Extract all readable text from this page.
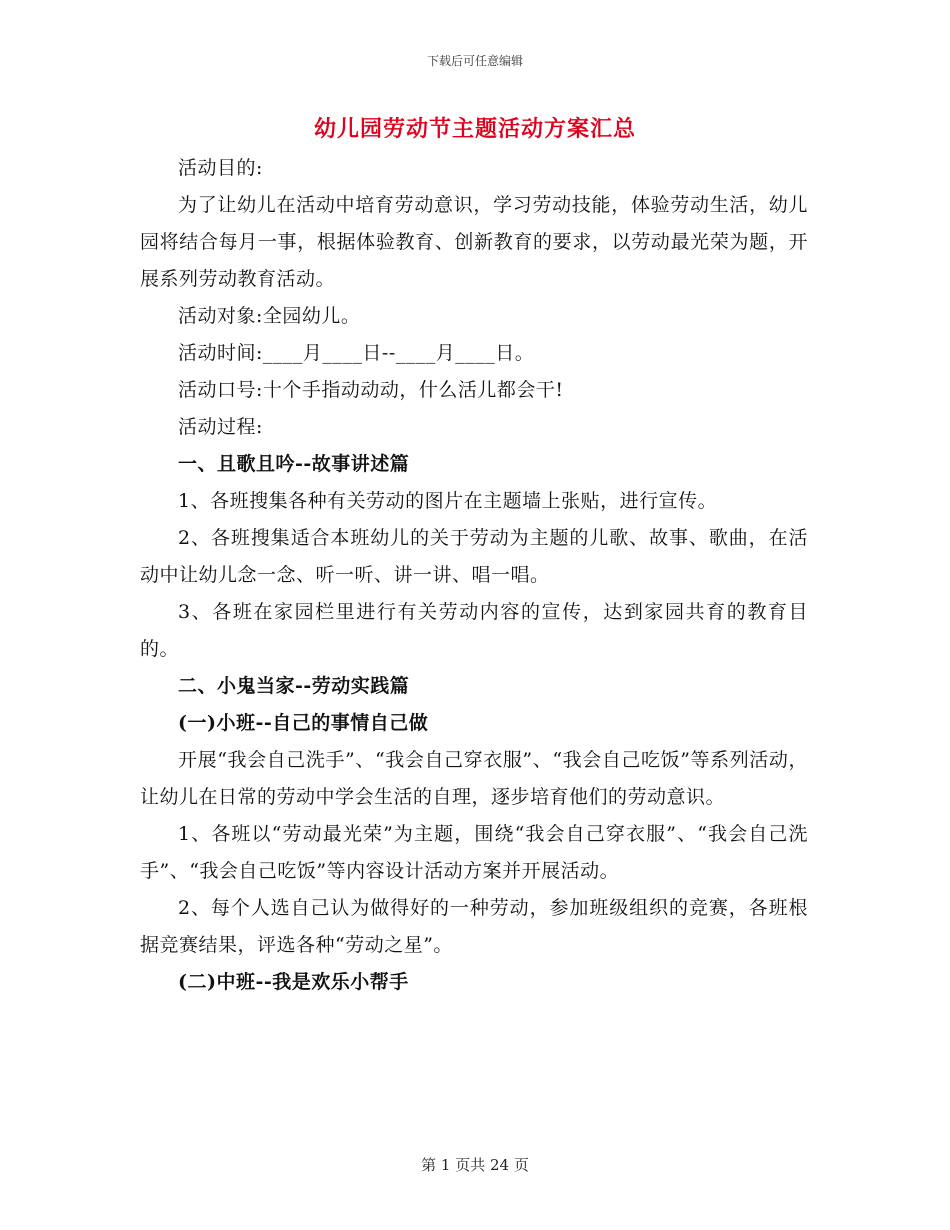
下载后可任意编辑
幼儿园劳动节主题活动方案汇总

活动目的:

为了让幼儿在活动中培育劳动意识，学习劳动技能，体验劳动生活，幼儿园将结合每月一事，根据体验教育、创新教育的要求，以劳动最光荣为题，开展系列劳动教育活动。

活动对象:全园幼儿。

活动时间:____月____日--____月____日。

活动口号:十个手指动动动，什么活儿都会干!

活动过程:

一、且歌且吟--故事讲述篇

1、各班搜集各种有关劳动的图片在主题墙上张贴，进行宣传。

2、各班搜集适合本班幼儿的关于劳动为主题的儿歌、故事、歌曲，在活动中让幼儿念一念、听一听、讲一讲、唱一唱。

3、各班在家园栏里进行有关劳动内容的宣传，达到家园共育的教育目的。

二、小鬼当家--劳动实践篇

(一)小班--自己的事情自己做

开展“我会自己洗手”、“我会自己穿衣服”、“我会自己吃饭”等系列活动，让幼儿在日常的劳动中学会生活的自理，逐步培育他们的劳动意识。

1、各班以“劳动最光荣”为主题，围绕“我会自己穿衣服”、“我会自己洗手”、“我会自己吃饭”等内容设计活动方案并开展活动。

2、每个人选自己认为做得好的一种劳动，参加班级组织的竞赛，各班根据竞赛结果，评选各种“劳动之星”。

(二)中班--我是欢乐小帮手

第 1 页共 24 页
